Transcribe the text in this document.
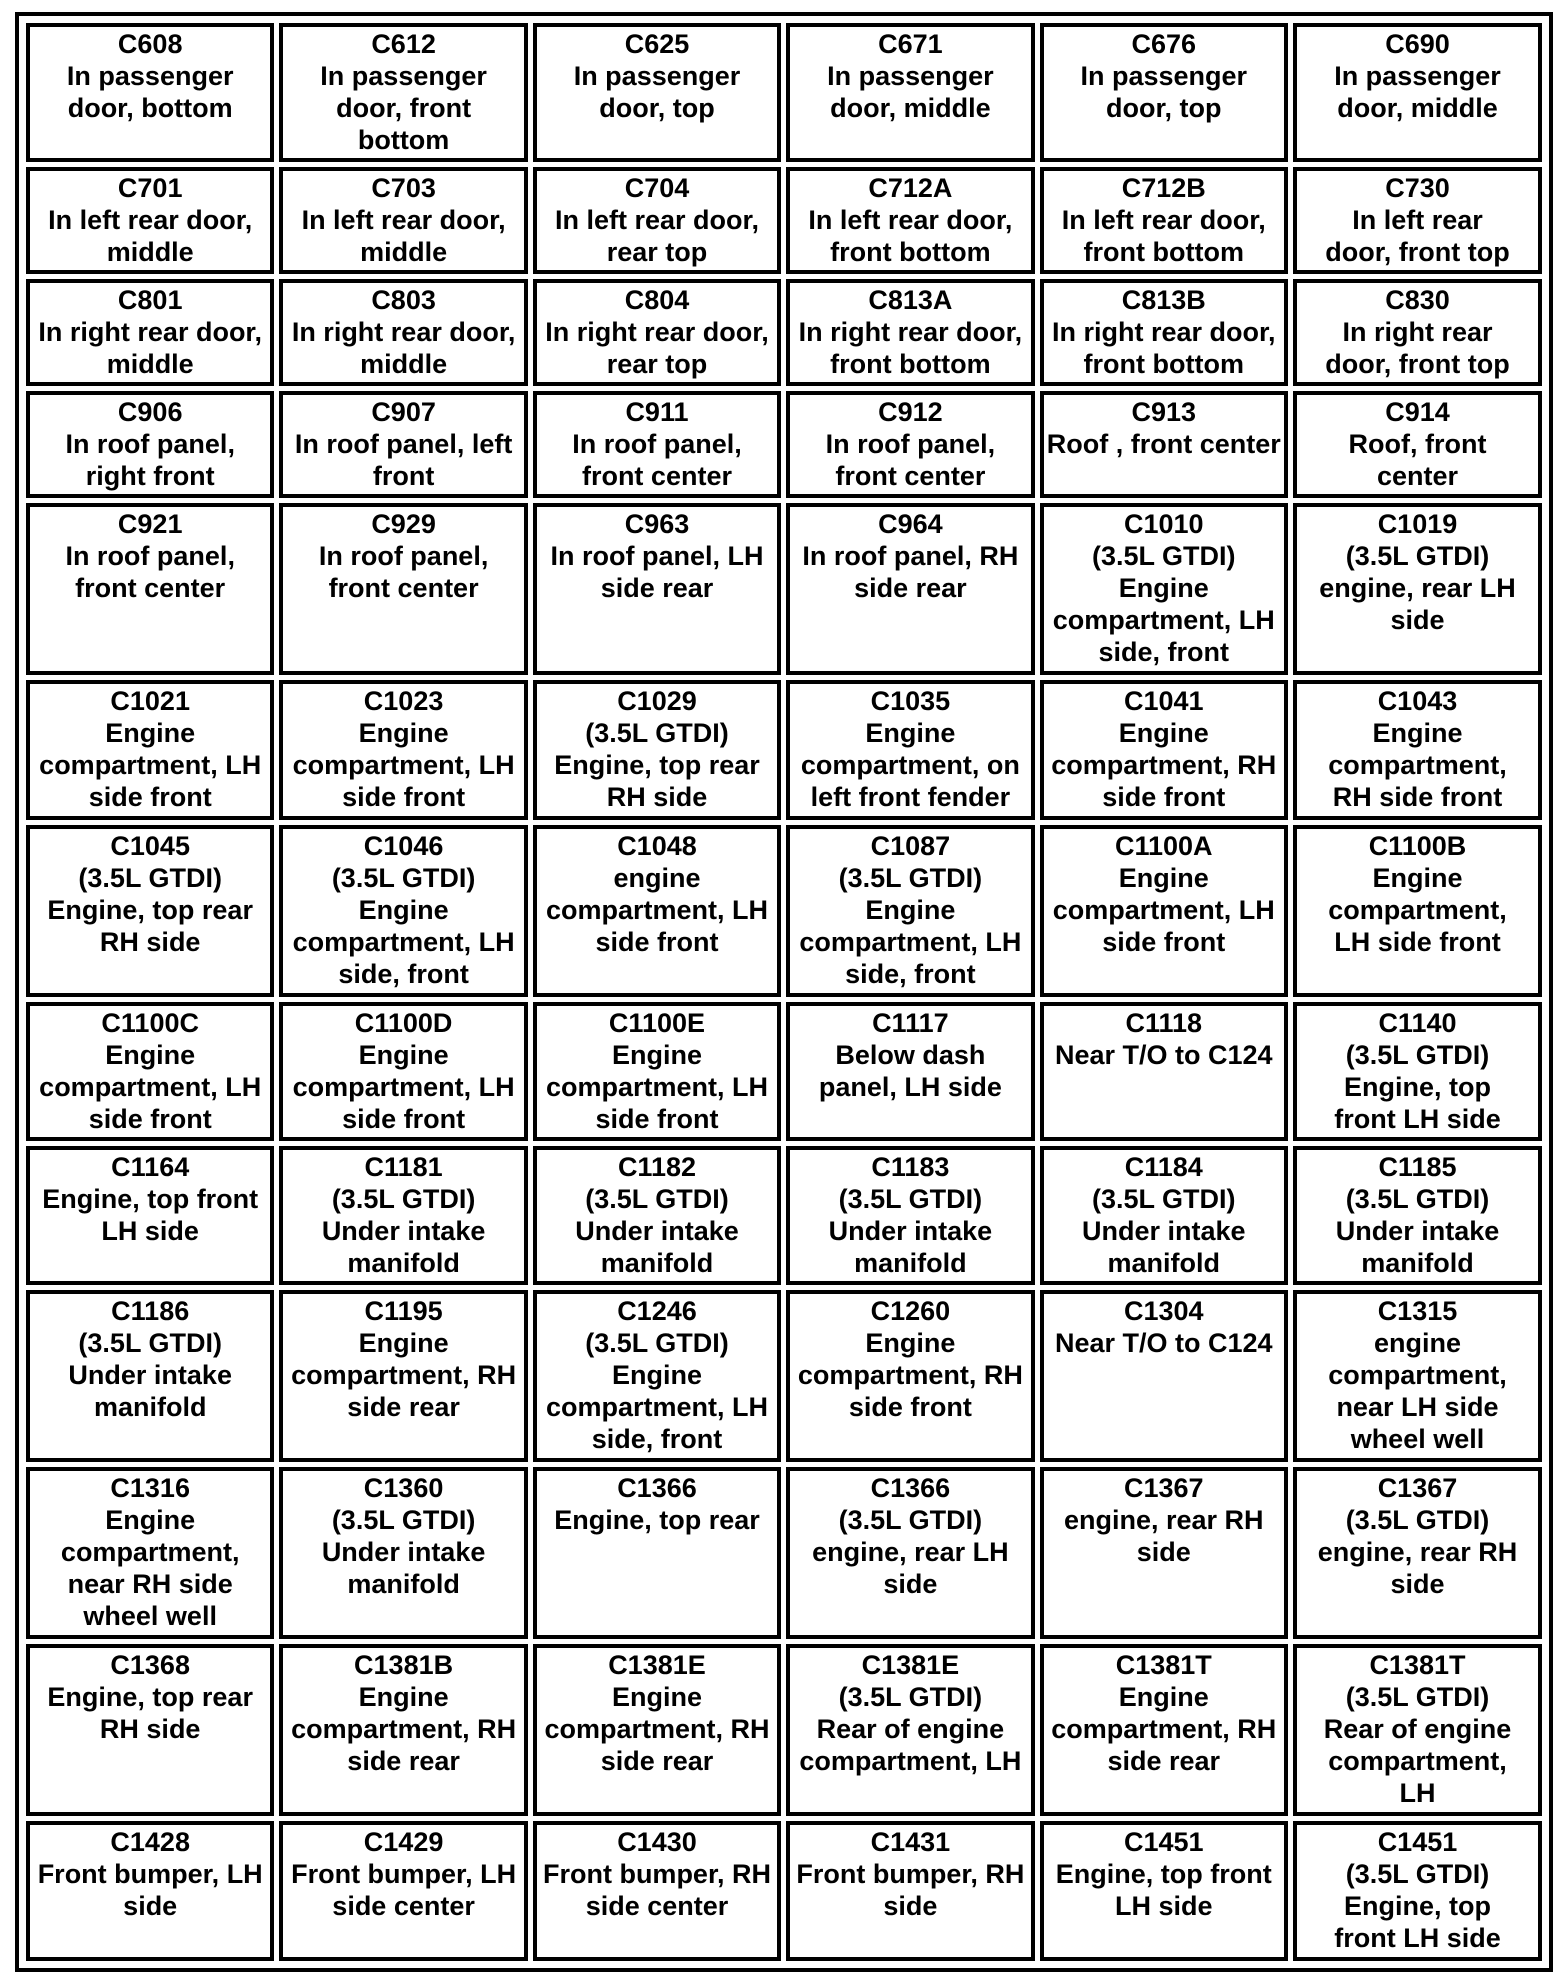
C608
In passenger
door, bottom	C612
In passenger
door, front
bottom	C625
In passenger
door, top	C671
In passenger
door, middle	C676
In passenger
door, top	C690
In passenger
door, middle

C701
In left rear door,
middle	C703
In left rear door,
middle	C704
In left rear door,
rear top	C712A
In left rear door,
front bottom	C712B
In left rear door,
front bottom	C730
In left rear
door, front top

C801
In right rear door,
middle	C803
In right rear door,
middle	C804
In right rear door,
rear top	C813A
In right rear door,
front bottom	C813B
In right rear door,
front bottom	C830
In right rear
door, front top

C906
In roof panel,
right front	C907
In roof panel, left
front	C911
In roof panel,
front center	C912
In roof panel,
front center	C913
Roof , front center	C914
Roof, front
center

C921
In roof panel,
front center	C929
In roof panel,
front center	C963
In roof panel, LH
side rear	C964
In roof panel, RH
side rear	C1010
(3.5L GTDI)
Engine
compartment, LH
side, front	C1019
(3.5L GTDI)
engine, rear LH
side

C1021
Engine
compartment, LH
side front	C1023
Engine
compartment, LH
side front	C1029
(3.5L GTDI)
Engine, top rear
RH side	C1035
Engine
compartment, on
left front fender	C1041
Engine
compartment, RH
side front	C1043
Engine
compartment,
RH side front

C1045
(3.5L GTDI)
Engine, top rear
RH side	C1046
(3.5L GTDI)
Engine
compartment, LH
side, front	C1048
engine
compartment, LH
side front	C1087
(3.5L GTDI)
Engine
compartment, LH
side, front	C1100A
Engine
compartment, LH
side front	C1100B
Engine
compartment,
LH side front

C1100C
Engine
compartment, LH
side front	C1100D
Engine
compartment, LH
side front	C1100E
Engine
compartment, LH
side front	C1117
Below dash
panel, LH side	C1118
Near T/O to C124	C1140
(3.5L GTDI)
Engine, top
front LH side

C1164
Engine, top front
LH side	C1181
(3.5L GTDI)
Under intake
manifold	C1182
(3.5L GTDI)
Under intake
manifold	C1183
(3.5L GTDI)
Under intake
manifold	C1184
(3.5L GTDI)
Under intake
manifold	C1185
(3.5L GTDI)
Under intake
manifold

C1186
(3.5L GTDI)
Under intake
manifold	C1195
Engine
compartment, RH
side rear	C1246
(3.5L GTDI)
Engine
compartment, LH
side, front	C1260
Engine
compartment, RH
side front	C1304
Near T/O to C124	C1315
engine
compartment,
near LH side
wheel well

C1316
Engine
compartment,
near RH side
wheel well	C1360
(3.5L GTDI)
Under intake
manifold	C1366
Engine, top rear	C1366
(3.5L GTDI)
engine, rear LH
side	C1367
engine, rear RH
side	C1367
(3.5L GTDI)
engine, rear RH
side

C1368
Engine, top rear
RH side	C1381B
Engine
compartment, RH
side rear	C1381E
Engine
compartment, RH
side rear	C1381E
(3.5L GTDI)
Rear of engine
compartment, LH	C1381T
Engine
compartment, RH
side rear	C1381T
(3.5L GTDI)
Rear of engine
compartment,
LH

C1428
Front bumper, LH
side	C1429
Front bumper, LH
side center	C1430
Front bumper, RH
side center	C1431
Front bumper, RH
side	C1451
Engine, top front
LH side	C1451
(3.5L GTDI)
Engine, top
front LH side
